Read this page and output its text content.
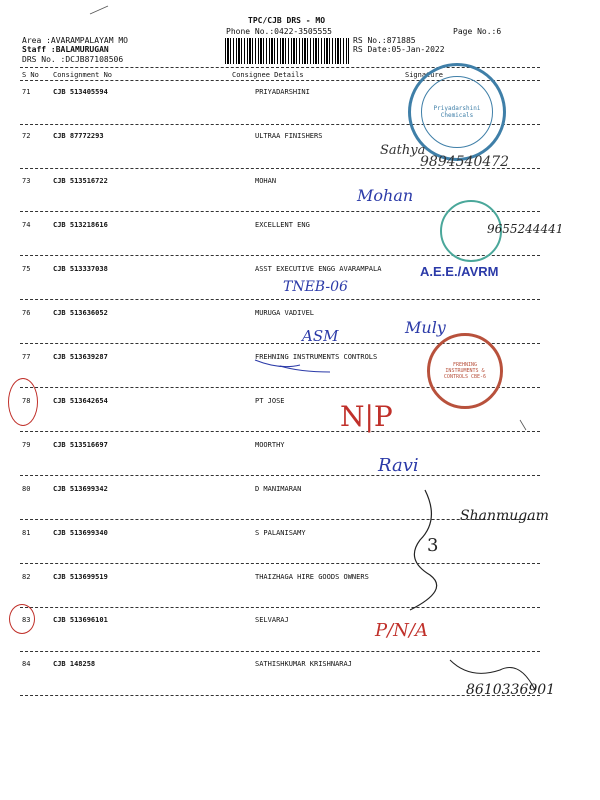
TPC/CJB DRS - MO
Phone No.:0422-3505555	Page No.:6
Area :AVARAMPALAYAM MO
Staff :BALAMURUGAN
DRS No. :DCJB87108506
RS No.:871885
RS Date:05-Jan-2022
S No Consignment No	Consignee Details	Signature
71	CJB 513405594	PRIYADARSHINI
72	CJB 87772293	ULTRAA FINISHERS
73	CJB 513516722	MOHAN
74	CJB 513218616	EXCELLENT ENG
75	CJB 513337038	ASST EXECUTIVE ENGG AVARAMPALA
76	CJB 513636052	MURUGA VADIVEL
77	CJB 513639287	FREHNING INSTRUMENTS CONTROLS
78	CJB 513642654	PT JOSE
79	CJB 513516697	MOORTHY
80	CJB 513699342	D MANIMARAN
81	CJB 513699340	S PALANISAMY
82	CJB 513699519	THAIZHAGA HIRE GOODS OWNERS
83	CJB 513696101	SELVARAJ
84	CJB 148258	SATHISHKUMAR KRISHNARAJ
Priyadarshini Chemicals
FREHNING INSTRUMENTS & CONTROLS CBE-6
Sathya
9894540472
Mohan
9655244441
TNEB-06
A.E.E./AVRM
Muly
ASM
N|P
Ravi
Shanmugam
3
P/N/A
8610336901
